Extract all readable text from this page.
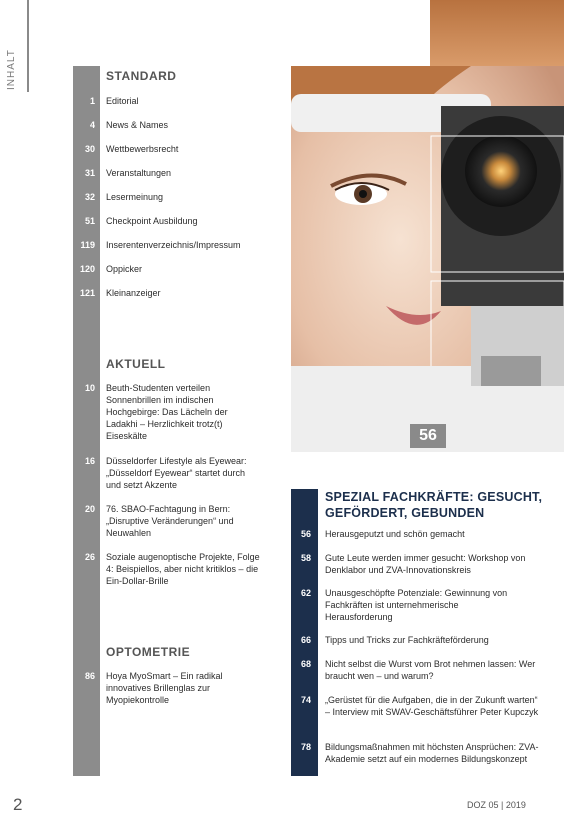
INHALT	STANDARD
1 Editorial
4 News & Names
30 Wettbewerbsrecht
31 Veranstaltungen
32 Lesermeinung
51 Checkpoint Ausbildung
119 Inserentenverzeichnis/Impressum
120 Oppicker
121 Kleinanzeiger
AKTUELL
10 Beuth-Studenten verteilen Sonnenbrillen im indischen Hochgebirge: Das Lächeln der Ladakhi – Herzlichkeit trotz(t) Eiseskälte
16 Düsseldorfer Lifestyle als Eyewear: „Düsseldorf Eyewear“ startet durch und setzt Akzente
20 76. SBAO-Fachtagung in Bern: „Disruptive Veränderungen“ und Neuwahlen
26 Soziale augenoptische Projekte, Folge 4: Beispiellos, aber nicht kritiklos – die Ein-Dollar-Brille
OPTOMETRIE
86 Hoya MyoSmart – Ein radikal innovatives Brillenglas zur Myopiekontrolle
56
SPEZIAL FACHKRÄFTE: GESUCHT, GEFÖRDERT, GEBUNDEN
56 Herausgeputzt und schön gemacht
58 Gute Leute werden immer gesucht: Workshop von Denklabor und ZVA-Innovationskreis
62 Unausgeschöpfte Potenziale: Gewinnung von Fachkräften ist unternehmerische Herausforderung
66 Tipps und Tricks zur Fachkräfteförderung
68 Nicht selbst die Wurst vom Brot nehmen lassen: Wer braucht wen – und warum?
74 „Gerüstet für die Aufgaben, die in der Zukunft warten“ – Interview mit SWAV-Geschäftsführer Peter Kupczyk
78 Bildungsmaßnahmen mit höchsten Ansprüchen: ZVA-Akademie setzt auf ein modernes Bildungskonzept
2	DOZ 05 | 2019
